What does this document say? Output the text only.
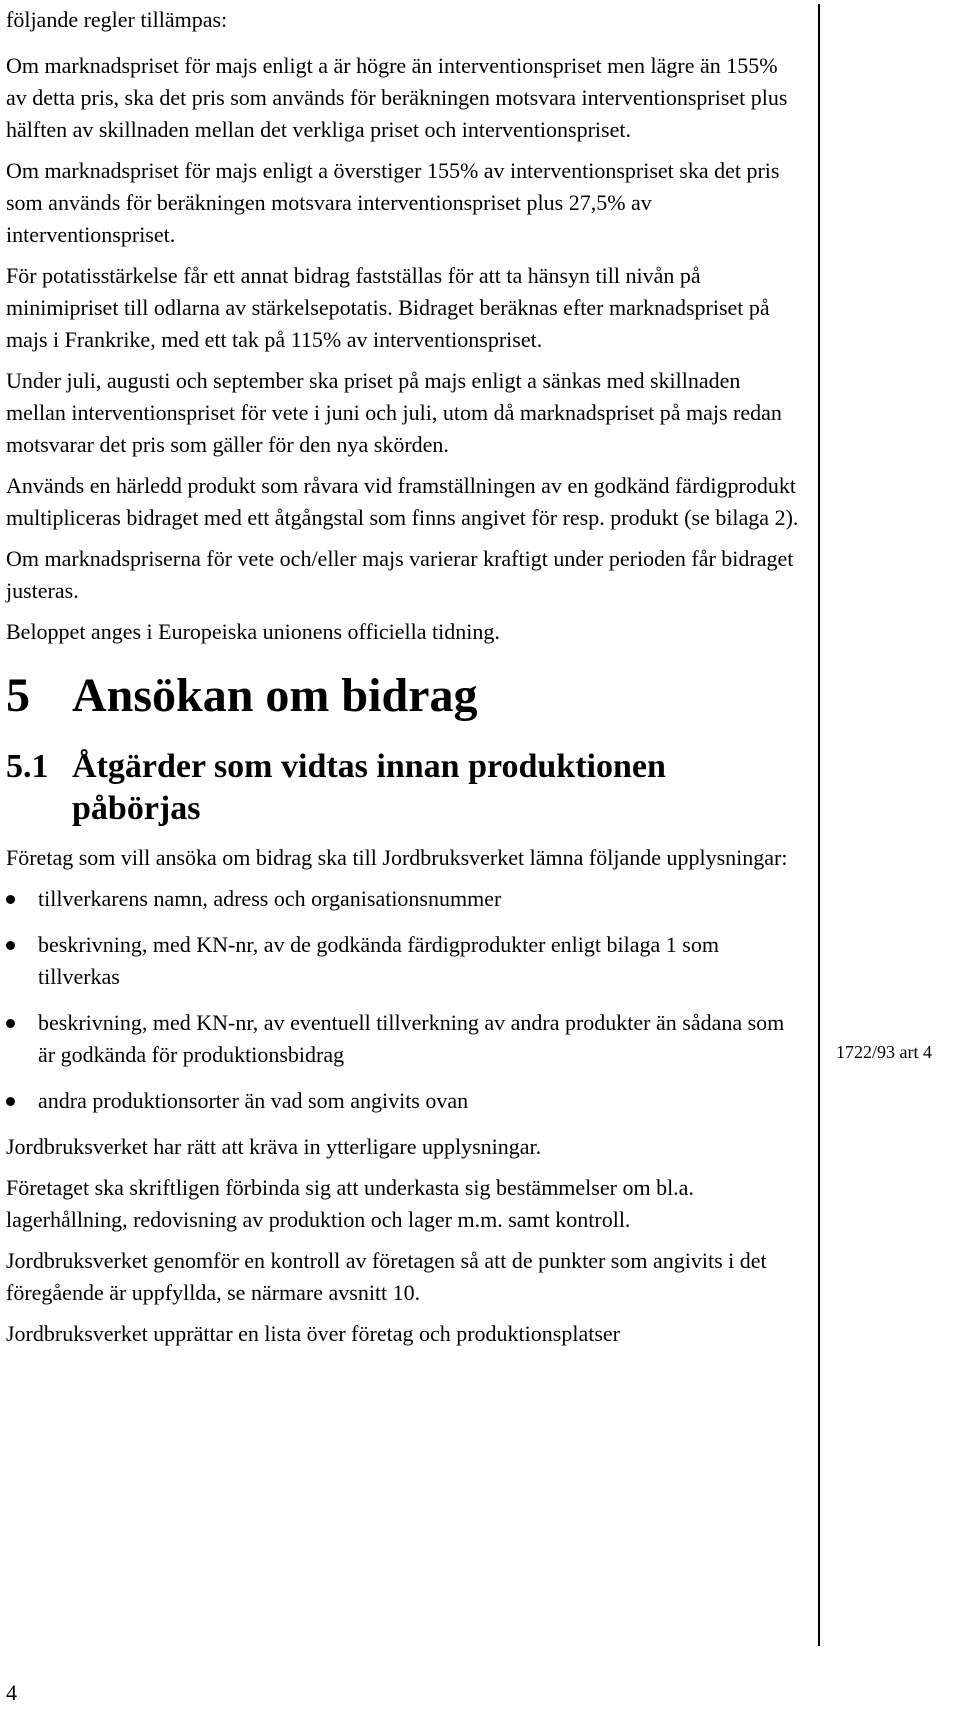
följande regler tillämpas:

Om marknadspriset för majs enligt a är högre än interventionspriset men lägre än 155% av detta pris, ska det pris som används för beräkningen motsvara interventionspriset plus hälften av skillnaden mellan det verkliga priset och interventionspriset.

Om marknadspriset för majs enligt a överstiger 155% av interventionspriset ska det pris som används för beräkningen motsvara interventionspriset plus 27,5% av interventionspriset.

För potatisstärkelse får ett annat bidrag fastställas för att ta hänsyn till nivån på minimipriset till odlarna av stärkelsepotatis. Bidraget beräknas efter marknadspriset på majs i Frankrike, med ett tak på 115% av interventionspriset.

Under juli, augusti och september ska priset på majs enligt a sänkas med skillnaden mellan interventionspriset för vete i juni och juli, utom då marknadspriset på majs redan motsvarar det pris som gäller för den nya skörden.

Används en härledd produkt som råvara vid framställningen av en godkänd färdigprodukt multipliceras bidraget med ett åtgångstal som finns angivet för resp. produkt (se bilaga 2).

Om marknadspriserna för vete och/eller majs varierar kraftigt under perioden får bidraget justeras.

Beloppet anges i Europeiska unionens officiella tidning.

5 Ansökan om bidrag
5.1 Åtgärder som vidtas innan produktionen påbörjas

Företag som vill ansöka om bidrag ska till Jordbruksverket lämna följande upplysningar:

tillverkarens namn, adress och organisationsnummer
beskrivning, med KN-nr, av de godkända färdigprodukter enligt bilaga 1 som tillverkas
beskrivning, med KN-nr, av eventuell tillverkning av andra produkter än sådana som är godkända för produktionsbidrag
andra produktionsorter än vad som angivits ovan

Jordbruksverket har rätt att kräva in ytterligare upplysningar.

Företaget ska skriftligen förbinda sig att underkasta sig bestämmelser om bl.a. lagerhållning, redovisning av produktion och lager m.m. samt kontroll.

Jordbruksverket genomför en kontroll av företagen så att de punkter som angivits i det föregående är uppfyllda, se närmare avsnitt 10.

Jordbruksverket upprättar en lista över företag och produktionsplatser

1722/93 art 4
4
